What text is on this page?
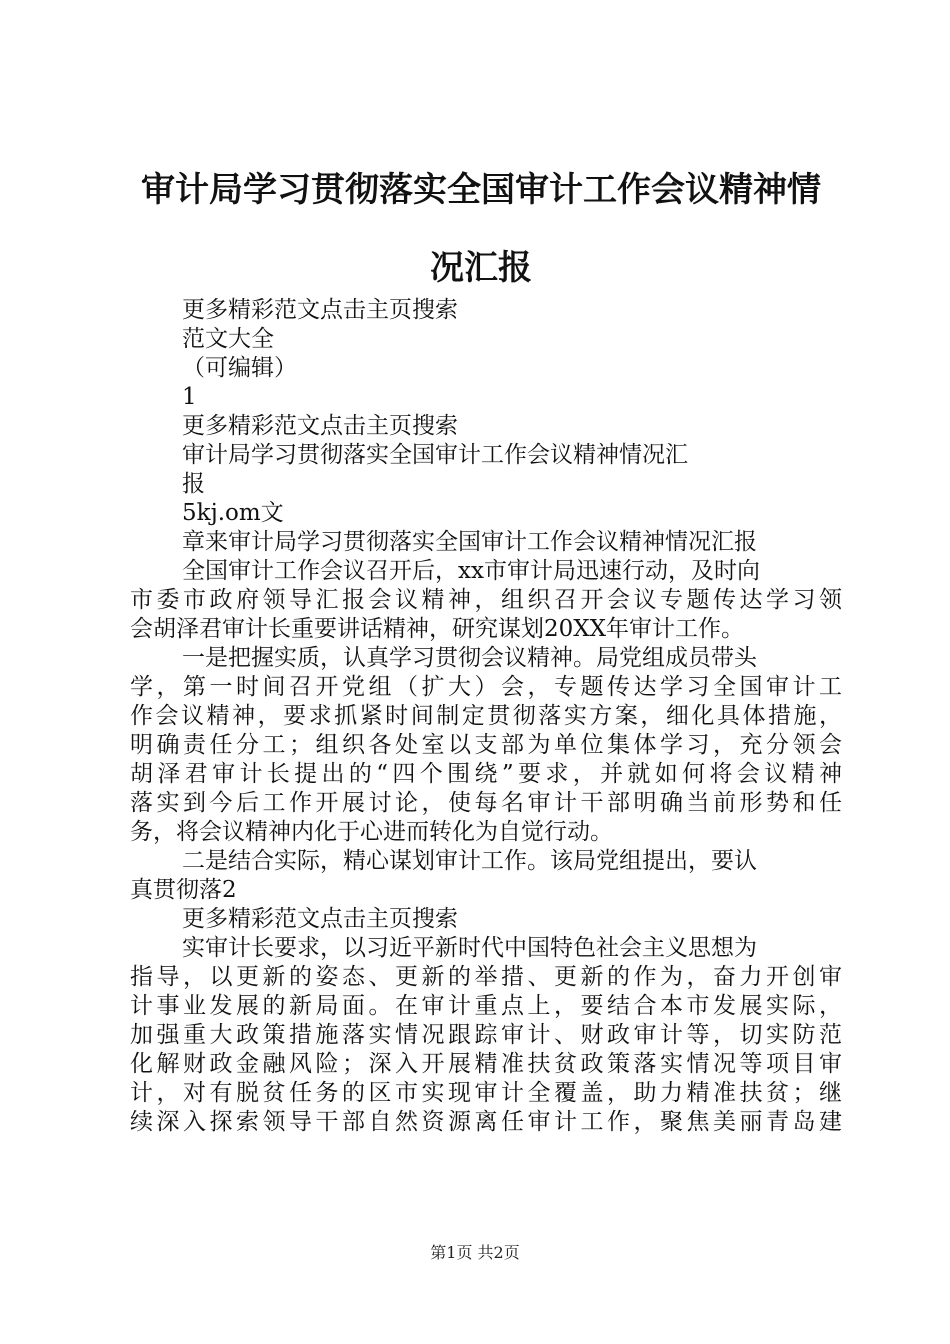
审计局学习贯彻落实全国审计工作会议精神情
况汇报

更多精彩范文点击主页搜索

范文大全

（可编辑）

1

更多精彩范文点击主页搜索

审计局学习贯彻落实全国审计工作会议精神情况汇

报

5kj.om文

章来审计局学习贯彻落实全国审计工作会议精神情况汇报

全国审计工作会议召开后，xx市审计局迅速行动，及时向

市委市政府领导汇报会议精神，组织召开会议专题传达学习领

会胡泽君审计长重要讲话精神，研究谋划20XX年审计工作。

一是把握实质，认真学习贯彻会议精神。局党组成员带头

学，第一时间召开党组（扩大）会，专题传达学习全国审计工

作会议精神，要求抓紧时间制定贯彻落实方案，细化具体措施，

明确责任分工；组织各处室以支部为单位集体学习，充分领会

胡泽君审计长提出的“四个围绕”要求，并就如何将会议精神

落实到今后工作开展讨论，使每名审计干部明确当前形势和任

务，将会议精神内化于心进而转化为自觉行动。

二是结合实际，精心谋划审计工作。该局党组提出，要认

真贯彻落2

更多精彩范文点击主页搜索

实审计长要求，以习近平新时代中国特色社会主义思想为

指导，以更新的姿态、更新的举措、更新的作为，奋力开创审

计事业发展的新局面。在审计重点上，要结合本市发展实际，

加强重大政策措施落实情况跟踪审计、财政审计等，切实防范

化解财政金融风险；深入开展精准扶贫政策落实情况等项目审

计，对有脱贫任务的区市实现审计全覆盖，助力精准扶贫；继

续深入探索领导干部自然资源离任审计工作，聚焦美丽青岛建

第1页 共2页
